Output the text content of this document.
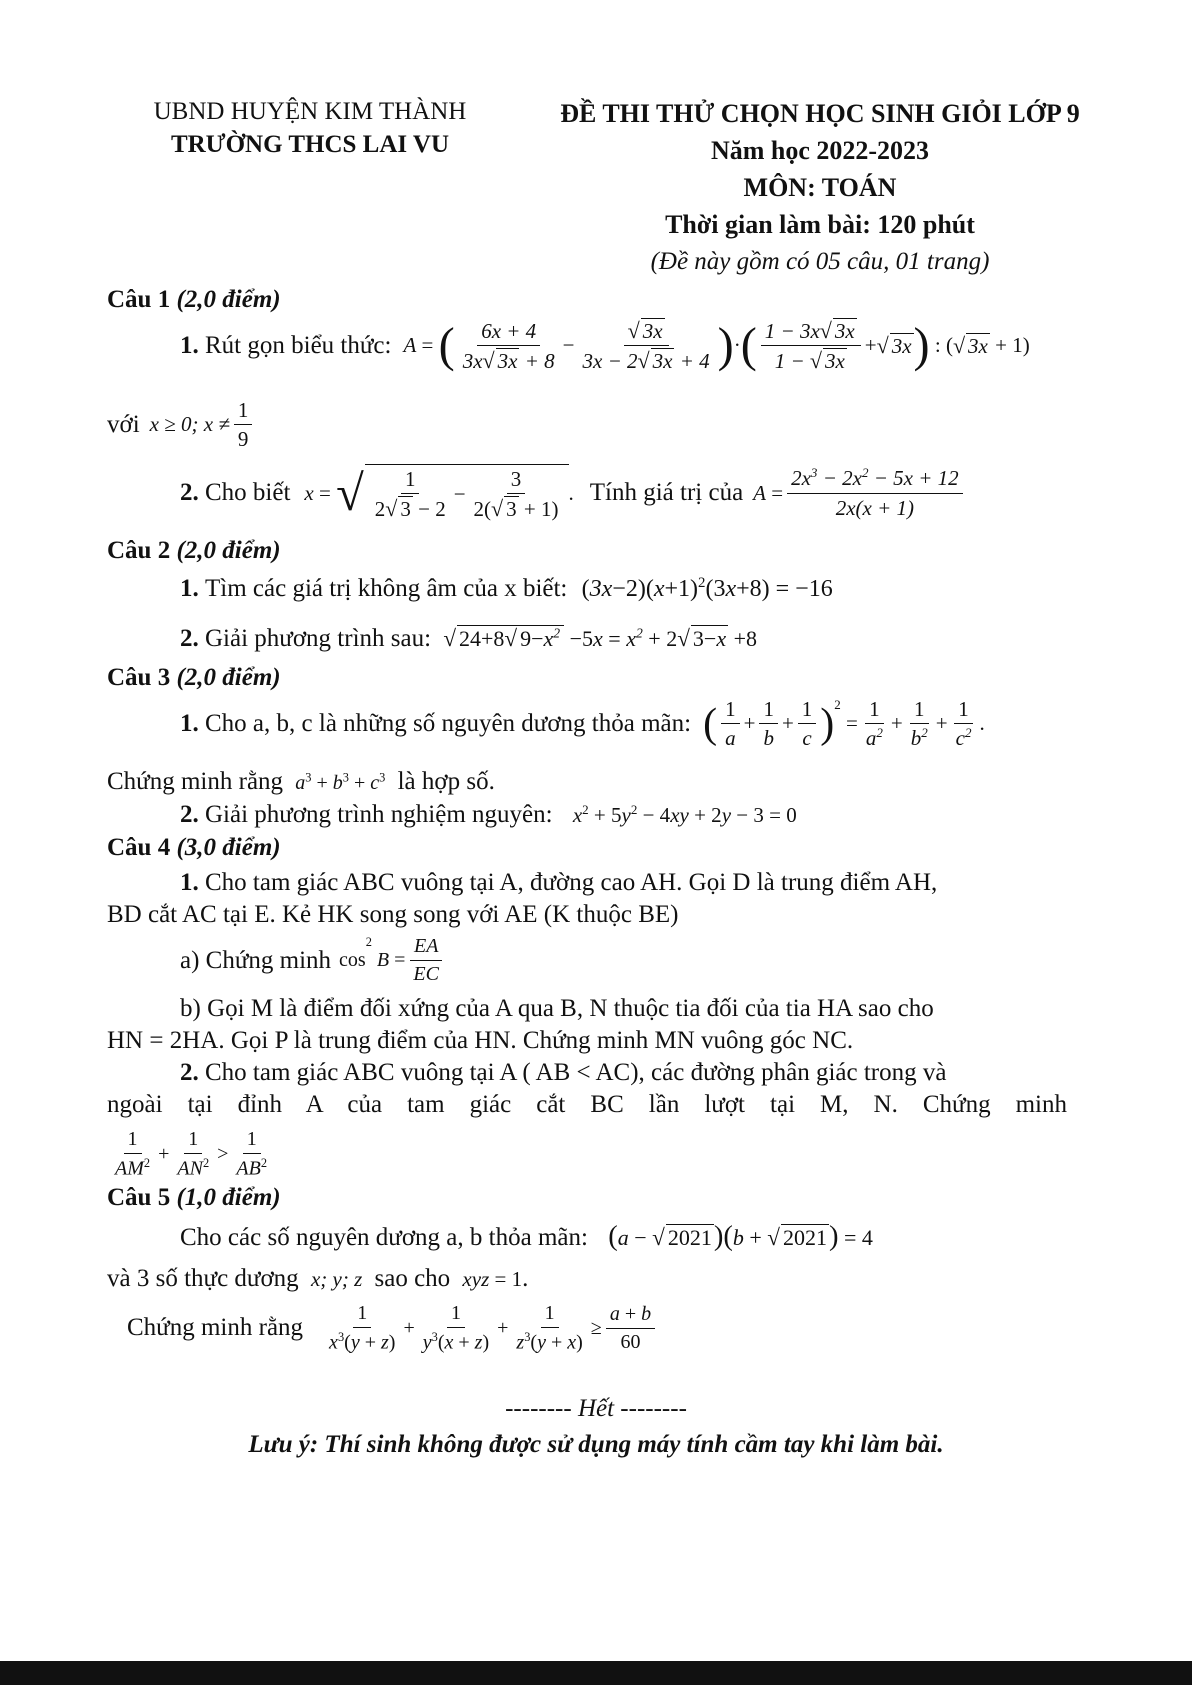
UBND HUYỆN KIM THÀNH
TRƯỜNG THCS LAI VU
ĐỀ THI THỬ CHỌN HỌC SINH GIỎI LỚP 9
Năm học 2022-2023
MÔN: TOÁN
Thời gian làm bài: 120 phút
(Đề này gồm có 05 câu, 01 trang)
Câu 1 (2,0 điểm)
1.
Rút gọn biểu thức: A = ( $\frac{6x + 4}{3x√ 3x + 8} - \frac{√ 3x}{3x - 2√ 3x + 4}$ ) · ( $\frac{1 - 3x√ 3x}{1 - √ 3x}$ + √ 3x ) : ( √ 3x + 1)
với x ≥ 0; $x \ne \frac{1}{9}$
2.
Cho biết x = √ $\frac{1}{2√ 3 - 2} - \frac{3}{2(√ 3 + 1)}$ . Tính giá trị của $A = \frac{2x^3 - 2x^2 - 5x + 12}{2x(x + 1)}$
Câu 2 (2,0 điểm)
1. Tìm các giá trị không âm của x biết: $(3x-2)(x+1)^2(3x+8) = -16$
2. Giải phương trình sau: √ 24+8√ $9-x^2 -5x = x^2 + 2√$ 3−x +8
Câu 3 (2,0 điểm)
1.
Cho a, b, c là những số nguyên dương thỏa mãn: ( $\frac{1}{a} + \frac{1}{b} + \frac{1}{c} )^2$
= $\frac{1}{a^2} + \frac{1}{b^2} + \frac{1}{c^2}$ .
Chứng minh rằng $a^3 + b^3 + c^3$ là hợp số.
2. Giải phương trình nghiệm nguyên: $x^2 + 5y^2 - 4xy + 2y - 3 = 0$
Câu 4 (3,0 điểm)
1. Cho tam giác ABC vuông tại A, đường cao AH. Gọi D là trung điểm AH,
BD cắt AC tại E. Kẻ HK song song với AE (K thuộc BE)
a) Chứng minh cos
$^2$
$B = \frac{EA}{EC}$
b) Gọi M là điểm đối xứng của A qua B, N thuộc tia đối của tia HA sao cho
HN = 2HA. Gọi P là trung điểm của HN. Chứng minh MN vuông góc NC.
2. Cho tam giác ABC vuông tại A ( AB < AC), các đường phân giác trong và
ngoài tại đỉnh A của tam giác cắt BC lần lượt tại M, N. Chứng minh
$\frac{1}{AM^2} + \frac{1}{AN^2} > \frac{1}{AB^2}$
Câu 5 (1,0 điểm)
Cho các số nguyên dương a, b thỏa mãn: (a − √ 2021)(b + √ 2021) = 4
và 3 số thực dương x; y; z sao cho xyz = 1.
Chứng minh rằng $\frac{1}{x^3(y + z)} + \frac{1}{y^3(x + z)} + \frac{1}{z^3(y + x)} \ge \frac{a + b}{60}$
-------- Hết --------
Lưu ý: Thí sinh không được sử dụng máy tính cầm tay khi làm bài.
